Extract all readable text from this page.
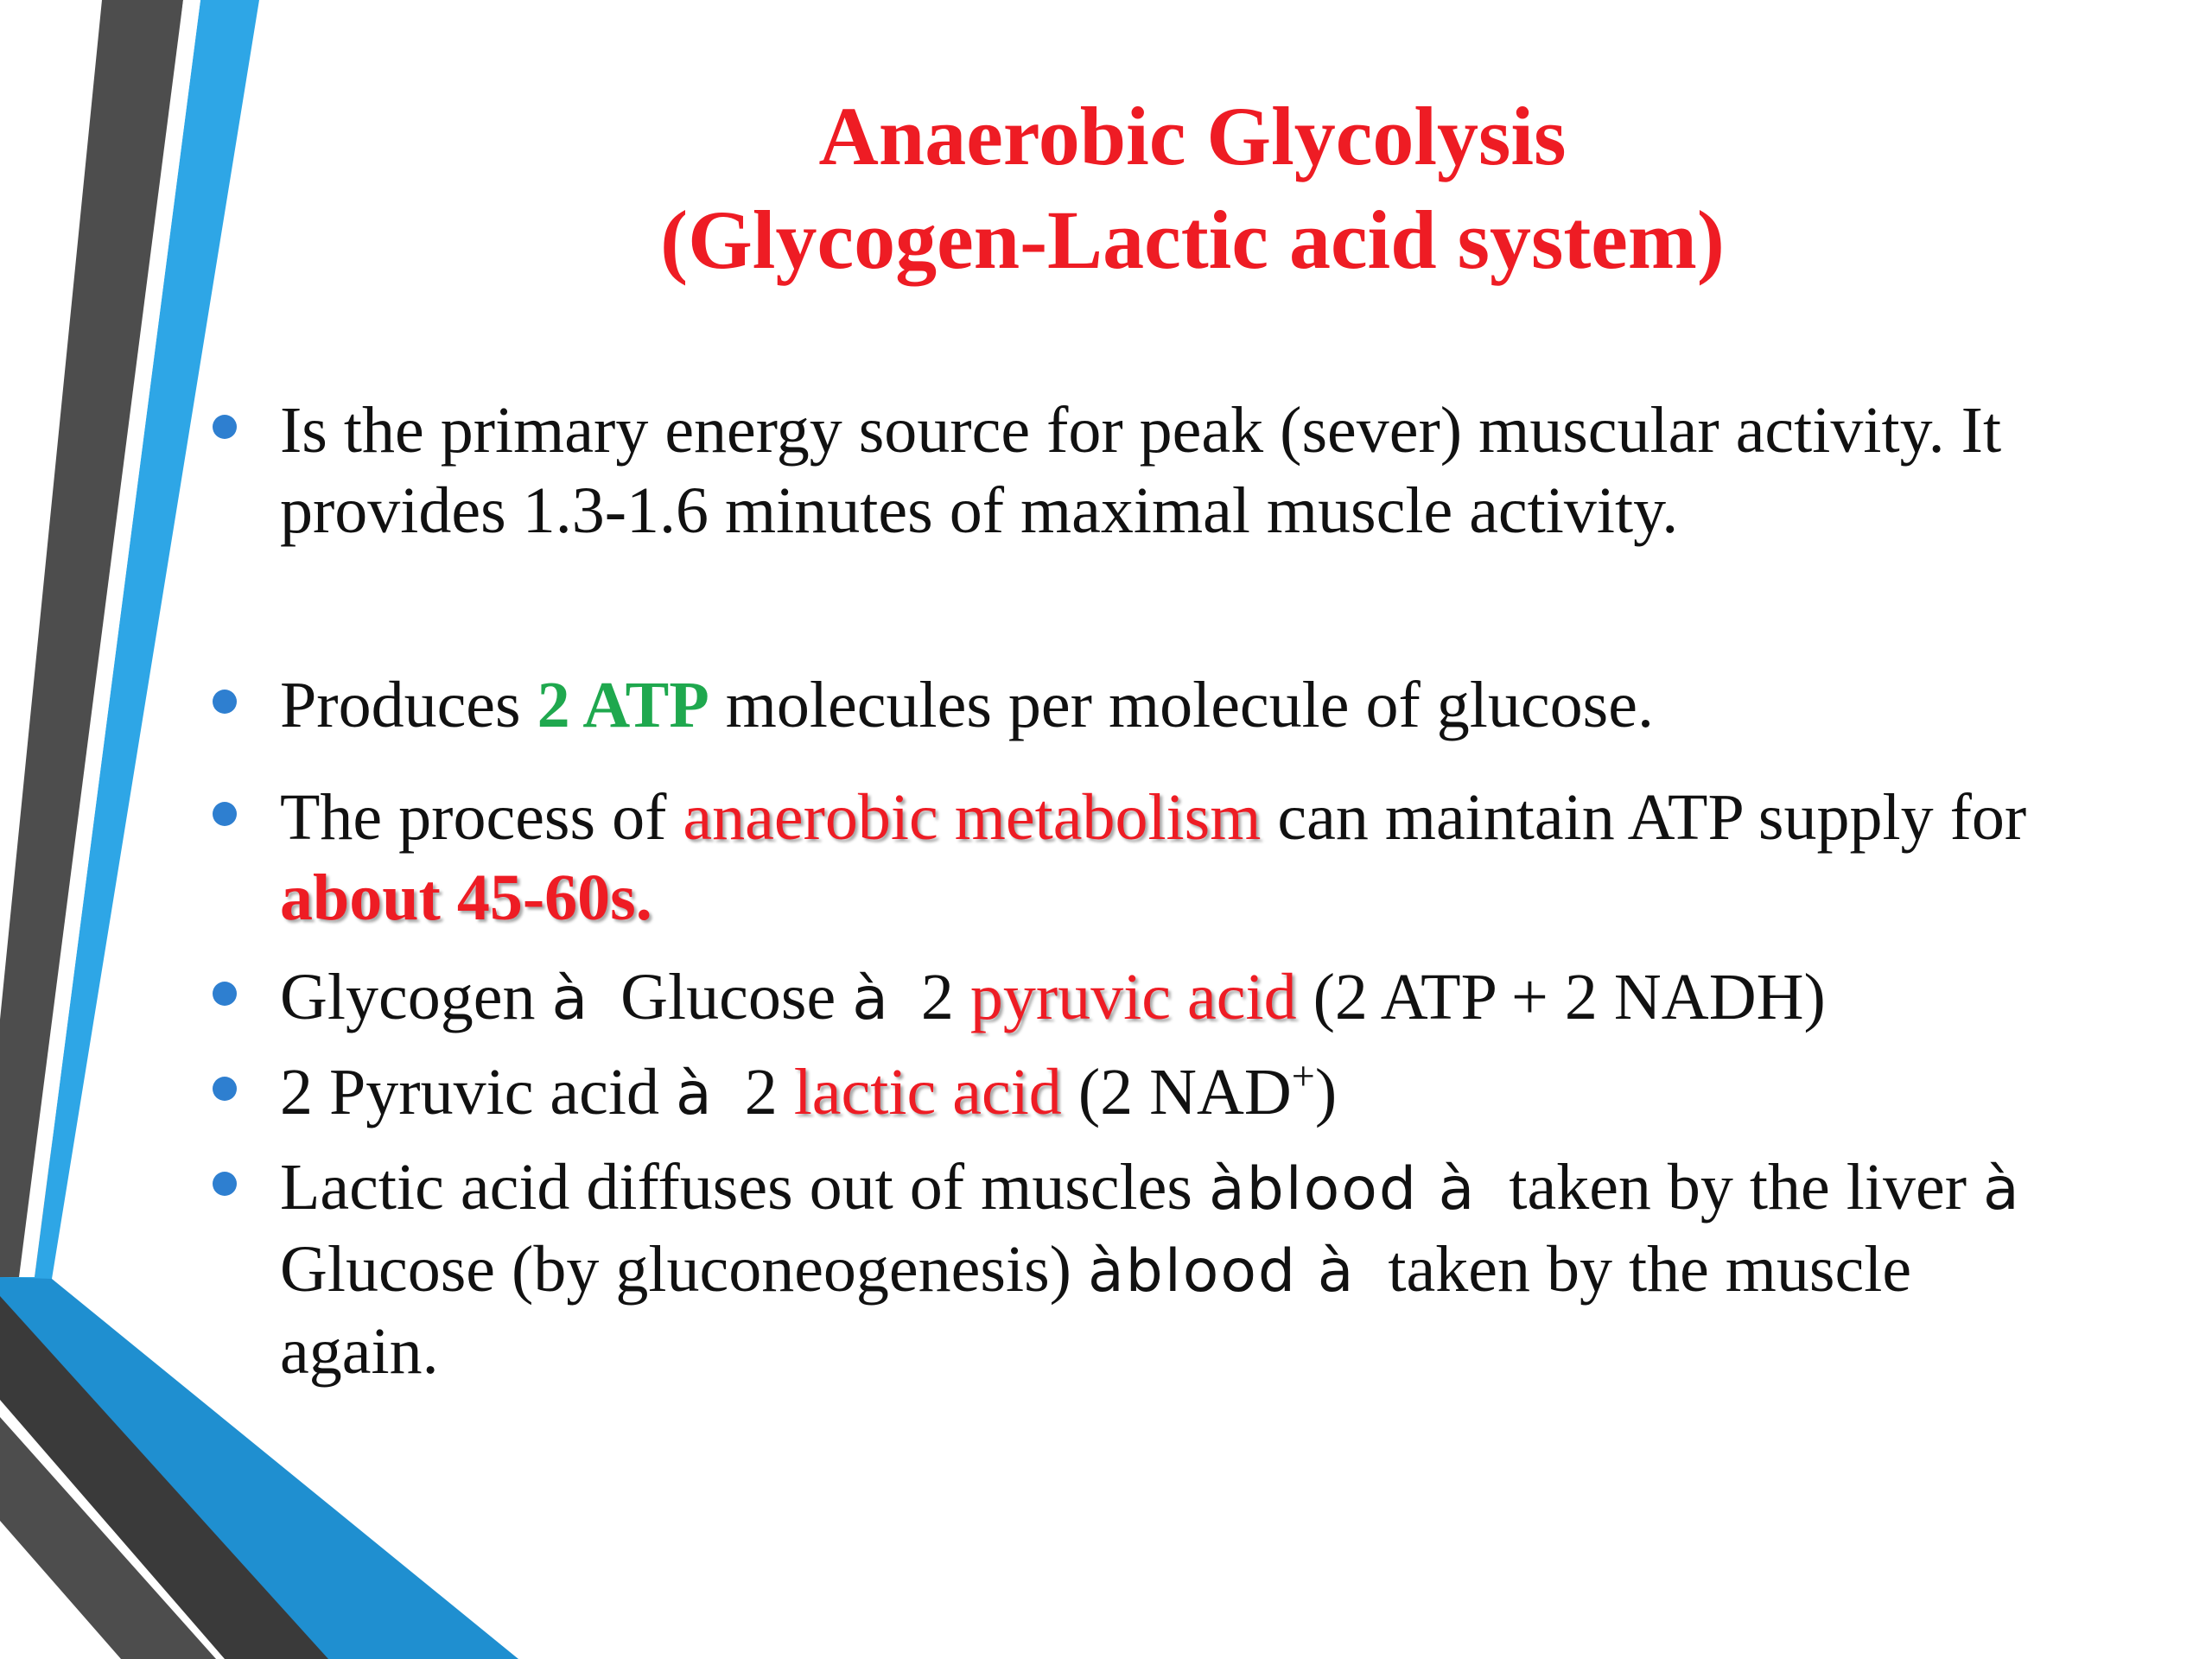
Anaerobic Glycolysis
(Glycogen-Lactic acid system)
Is the primary energy source for peak (sever) muscular activity. It provides 1.3-1.6 minutes of maximal muscle activity.
Produces 2 ATP molecules per molecule of glucose.
The process of anaerobic metabolism can maintain ATP supply for about 45-60s.
Glycogen à  Glucose à  2 pyruvic acid (2 ATP + 2 NADH)
2 Pyruvic acid à  2 lactic acid (2 NAD+)
Lactic acid diffuses out of muscles àblood à  taken by the liver à  Glucose (by gluconeogenesis) àblood à  taken by the muscle again.
